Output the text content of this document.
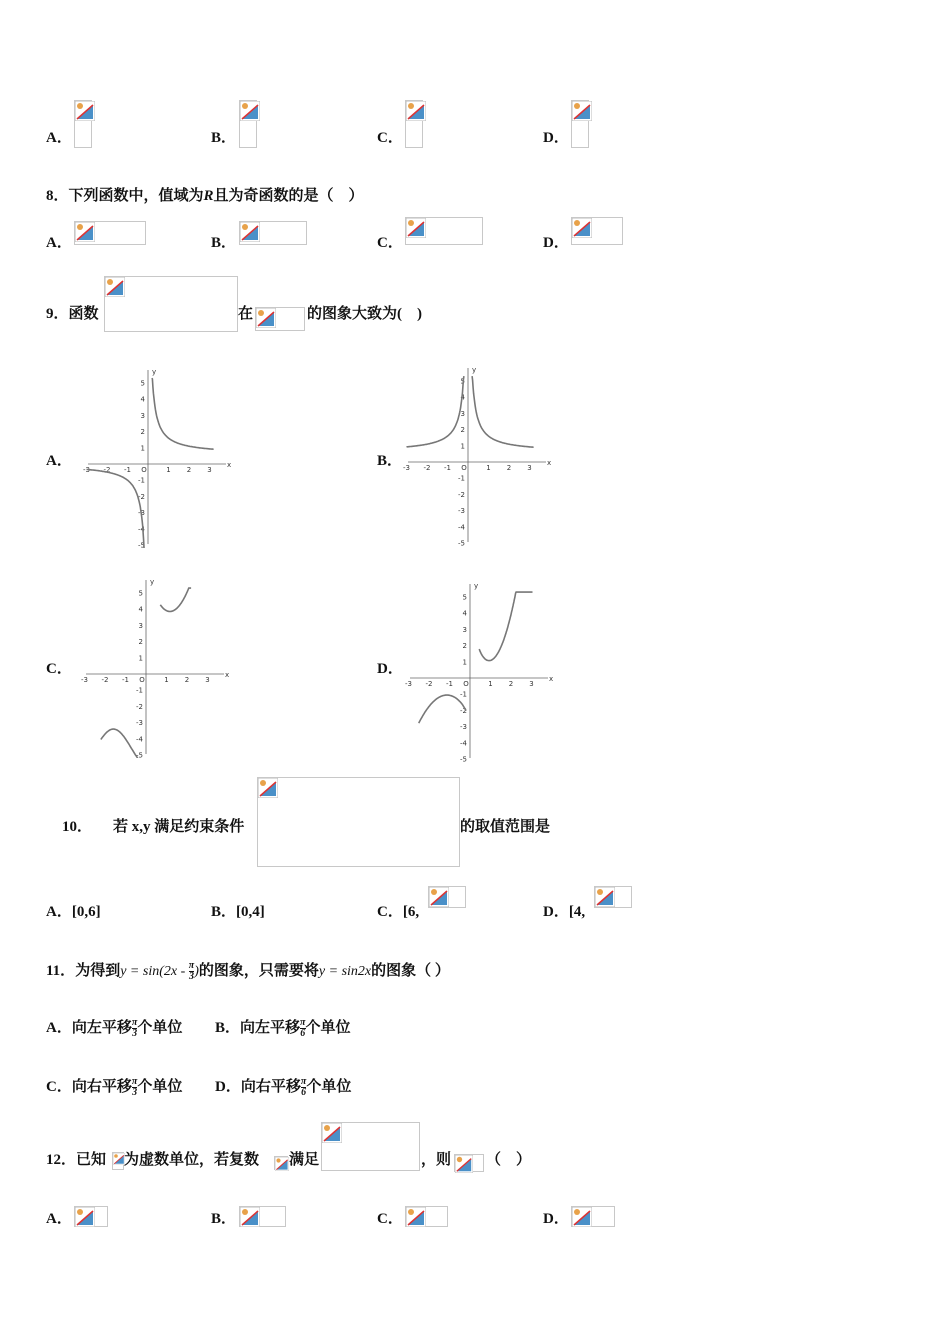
A．	B．	C．	D．
8．下列函数中，值域为R且为奇函数的是（　）
A．	B．	C．	D．
9．函数	在	的图象大致为(　)
A．	x
y
O
-3 -2 -1	1 2 3
1
2
3
4
5
-1
-2
-3
-4
-5
B．	x
y
O
-3 -2 -1	1 2 3
1
2
3
4
5
-1
-2
-3
-4
-5
C．	x
y
O
-3 -2 -1	1 2 3
1
2
3
4
5
-1
-2
-3
-4
-5
D．
x
y
O
-3 -2 -1	1 2 3
1
2
3
4
5
-1
-2
-3
-4
-5
10． 若 x,y 满足约束条件	的取值范围是
A．[0,6]	B．[0,4]	C．[6,	D．[4,
11．为得到$y = \sin(2x - \frac{\pi}{3}$ )的图象，只需要将y = sin2x的图象（ ）
A．向左平移 $\frac{\pi}{3}$ 个单位 B．向左平移 $\frac{\pi}{6}$ 个单位
C．向右平移 $\frac{\pi}{3}$ 个单位 D．向右平移 $\frac{\pi}{6}$ 个单位
12．已知 为虚数单位，若复数 满足	，则 （　）
A．	B．	C．	D．
